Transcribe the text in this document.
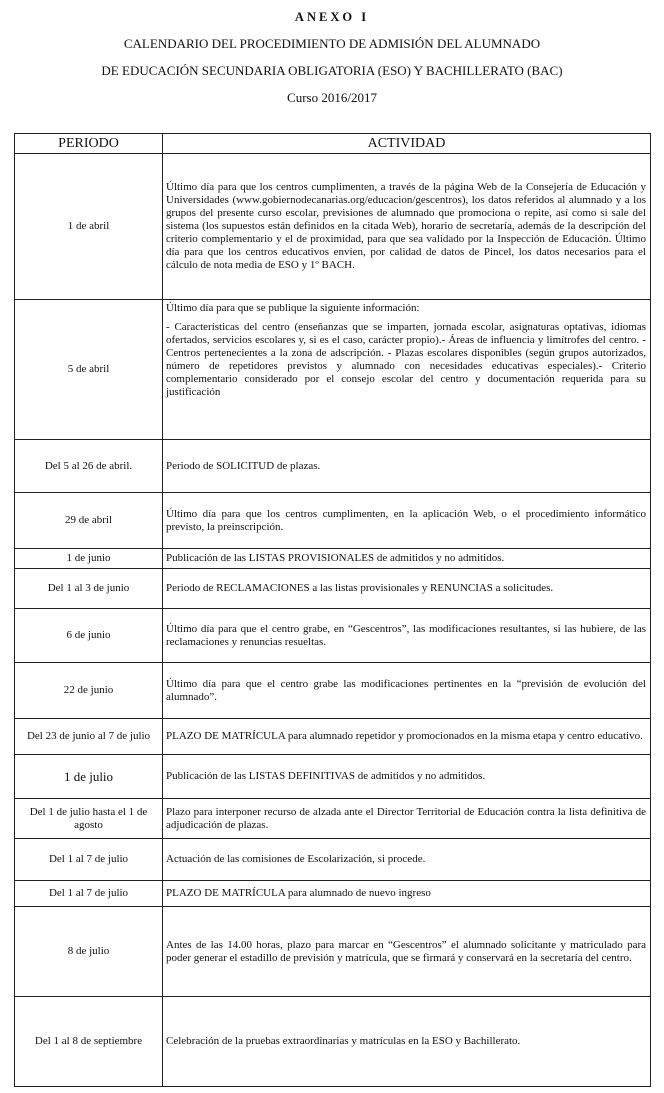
ANEXO I
CALENDARIO DEL PROCEDIMIENTO DE ADMISIÓN DEL ALUMNADO
DE EDUCACIÓN SECUNDARIA OBLIGATORIA (ESO) Y BACHILLERATO (BAC)
Curso 2016/2017
PERIODO	ACTIVIDAD
1 de abril	Último día para que los centros cumplimenten, a través de la página Web de la Consejería de Educación y Universidades (www.gobiernodecanarias.org/educacion/gescentros), los datos referidos al alumnado y a los grupos del presente curso escolar, previsiones de alumnado que promociona o repite, así como si sale del sistema (los supuestos están definidos en la citada Web), horario de secretaría, además de la descripción del criterio complementario y el de proximidad, para que sea validado por la Inspección de Educación. Último día para que los centros educativos envíen, por calidad de datos de Pincel, los datos necesarios para el cálculo de nota media de ESO y 1º BACH.
5 de abril	Último día para que se publique la siguiente información:
- Características del centro (enseñanzas que se imparten, jornada escolar, asignaturas optativas, idiomas ofertados, servicios escolares y, si es el caso, carácter propio).- Áreas de influencia y limítrofes del centro. - Centros pertenecientes a la zona de adscripción. - Plazas escolares disponibles (según grupos autorizados, número de repetidores previstos y alumnado con necesidades educativas especiales).- Criterio complementario considerado por el consejo escolar del centro y documentación requerida para su justificación
Del 5 al 26 de abril.	Periodo de SOLICITUD de plazas.
29 de abril	Último día para que los centros cumplimenten, en la aplicación Web, o el procedimiento informático previsto, la preinscripción.
1 de junio	Publicación de las LISTAS PROVISIONALES de admitidos y no admitidos.
Del 1 al 3 de junio	Periodo de RECLAMACIONES a las listas provisionales y RENUNCIAS a solicitudes.
6 de junio	Último día para que el centro grabe, en “Gescentros”, las modificaciones resultantes, si las hubiere, de las reclamaciones y renuncias resueltas.
22 de junio	Último día para que el centro grabe las modificaciones pertinentes en la “previsión de evolución del alumnado”.
Del 23 de junio al 7 de julio	PLAZO DE MATRÍCULA para alumnado repetidor y promocionados en la misma etapa y centro educativo.
1 de julio	Publicación de las LISTAS DEFINITIVAS de admitidos y no admitidos.
Del 1 de julio hasta el 1 de agosto	Plazo para interponer recurso de alzada ante el Director Territorial de Educación contra la lista definitiva de adjudicación de plazas.
Del 1 al 7 de julio	Actuación de las comisiones de Escolarización, si procede.
Del 1 al 7 de julio	PLAZO DE MATRÍCULA para alumnado de nuevo ingreso
8 de julio	Antes de las 14.00 horas, plazo para marcar en “Gescentros” el alumnado solicitante y matriculado para poder generar el estadillo de previsión y matrícula, que se firmará y conservará en la secretaría del centro.
Del 1 al 8 de septiembre	Celebración de la pruebas extraordinarias y matrículas en la ESO y Bachillerato.
